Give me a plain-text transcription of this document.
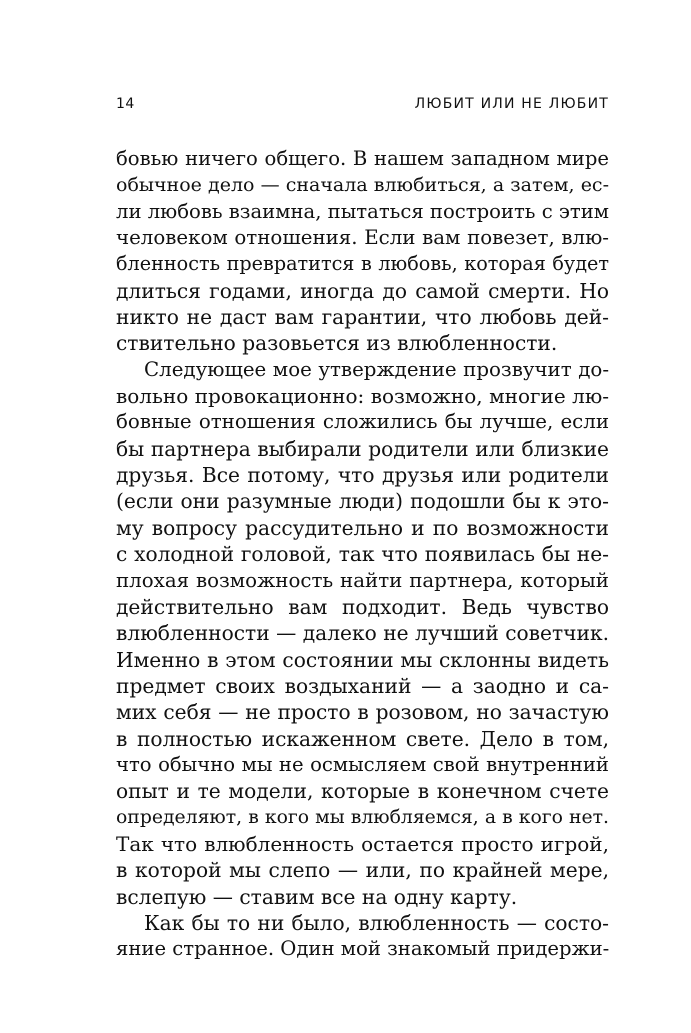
14	ЛЮБИТ ИЛИ НЕ ЛЮБИТ
бовью ничего общего. В нашем западном мире
обычное дело — сначала влюбиться, а затем, ес-
ли любовь взаимна, пытаться построить с этим
человеком отношения. Если вам повезет, влю-
бленность превратится в любовь, которая будет
длиться годами, иногда до самой смерти. Но
никто не даст вам гарантии, что любовь дей-
ствительно разовьется из влюбленности.
Следующее мое утверждение прозвучит до-
вольно провокационно: возможно, многие лю-
бовные отношения сложились бы лучше, если
бы партнера выбирали родители или близкие
друзья. Все потому, что друзья или родители
(если они разумные люди) подошли бы к это-
му вопросу рассудительно и по возможности
с холодной головой, так что появилась бы не-
плохая возможность найти партнера, который
действительно вам подходит. Ведь чувство
влюбленности — далеко не лучший советчик.
Именно в этом состоянии мы склонны видеть
предмет своих воздыханий — а заодно и са-
мих себя — не просто в розовом, но зачастую
в полностью искаженном свете. Дело в том,
что обычно мы не осмысляем свой внутренний
опыт и те модели, которые в конечном счете
определяют, в кого мы влюбляемся, а в кого нет.
Так что влюбленность остается просто игрой,
в которой мы слепо — или, по крайней мере,
вслепую — ставим все на одну карту.
Как бы то ни было, влюбленность — состо-
яние странное. Один мой знакомый придержи-
